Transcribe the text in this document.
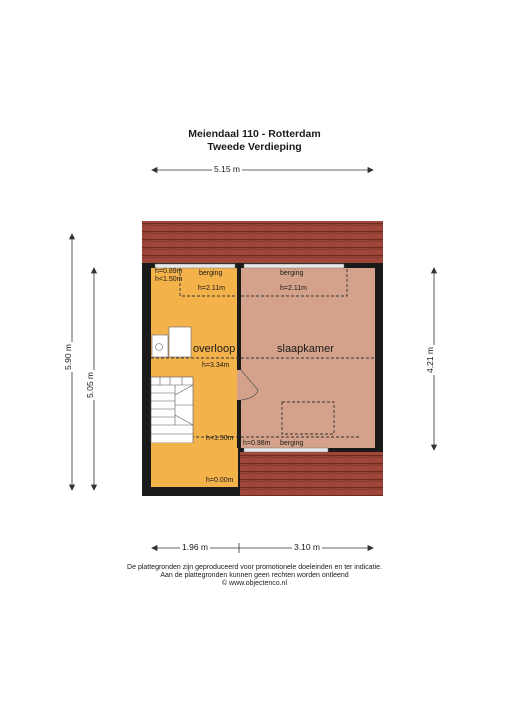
Meiendaal 110 - Rotterdam
Tweede Verdieping
5.15 m
5.90 m
5.05 m
4.21 m
1.96 m	3.10 m
berging	berging
berging
h=0.89m
h<1.50m
h=2.11m	h=2.11m
overloop	slaapkamer
h=3.34m
h<1.50m
h=0.00m
h=0.98m
De plattegronden zijn geproduceerd voor promotionele doeleinden en ter indicatie.
Aan de plattegronden kunnen geen rechten worden ontleend
© www.objectenco.nl
